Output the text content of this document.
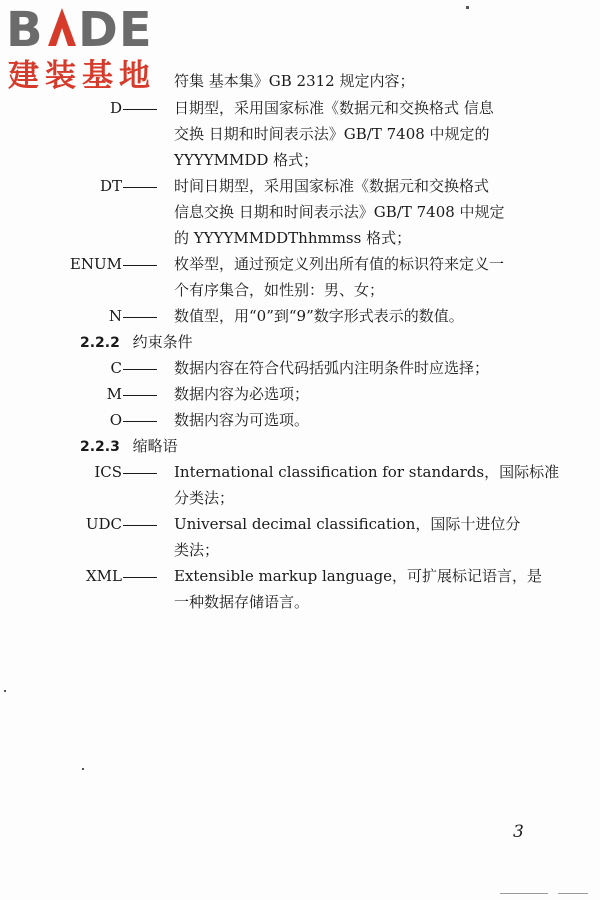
B DE
建装基地 符集 基本集》GB 2312 规定内容；
D	日期型，采用国家标准《数据元和交换格式 信息
交换 日期和时间表示法》GB/T 7408 中规定的
YYYYMMDD 格式；
DT	时间日期型，采用国家标准《数据元和交换格式
信息交换 日期和时间表示法》GB/T 7408 中规定
的 YYYYMMDDThhmmss 格式；
ENUM	枚举型，通过预定义列出所有值的标识符来定义一
个有序集合，如性别：男、女；
N	数值型，用“0”到“9”数字形式表示的数值。
2.2.2 约束条件
C	数据内容在符合代码括弧内注明条件时应选择；
M	数据内容为必选项；
O	数据内容为可选项。
2.2.3 缩略语
ICS	International classification for standards，国际标准
分类法；
UDC	Universal decimal classification，国际十进位分
类法；
XML	Extensible markup language，可扩展标记语言，是
一种数据存储语言。
3
